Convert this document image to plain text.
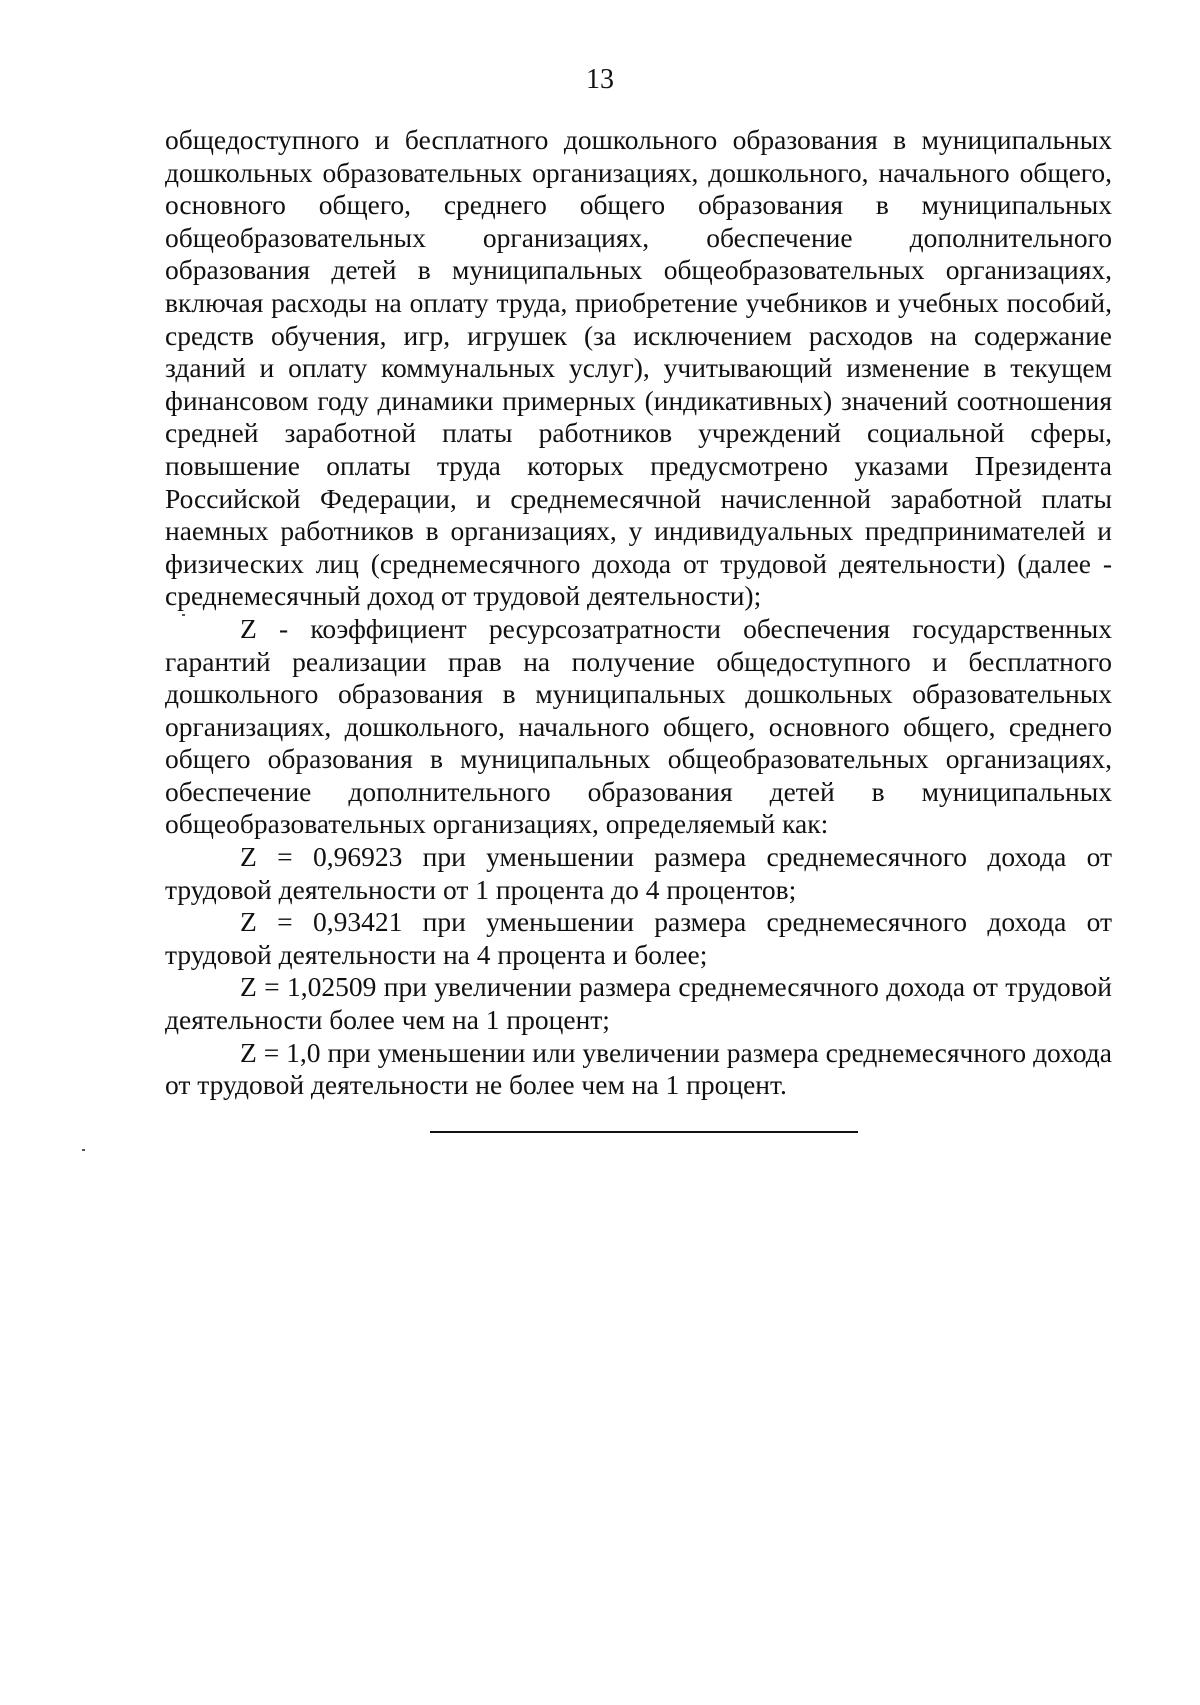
13

общедоступного и бесплатного дошкольного образования в муниципальных дошкольных образовательных организациях, дошкольного, начального общего, основного общего, среднего общего образования в муниципальных общеобразовательных организациях, обеспечение дополнительного образования детей в муниципальных общеобразовательных организациях, включая расходы на оплату труда, приобретение учебников и учебных пособий, средств обучения, игр, игрушек (за исключением расходов на содержание зданий и оплату коммунальных услуг), учитывающий изменение в текущем финансовом году динамики примерных (индикативных) значений соотношения средней заработной платы работников учреждений социальной сферы, повышение оплаты труда которых предусмотрено указами Президента Российской Федерации, и среднемесячной начисленной заработной платы наемных работников в организациях, у индивидуальных предпринимателей и физических лиц (среднемесячного дохода от трудовой деятельности) (далее - среднемесячный доход от трудовой деятельности);

Z - коэффициент ресурсозатратности обеспечения государственных гарантий реализации прав на получение общедоступного и бесплатного дошкольного образования в муниципальных дошкольных образовательных организациях, дошкольного, начального общего, основного общего, среднего общего образования в муниципальных общеобразовательных организациях, обеспечение дополнительного образования детей в муниципальных общеобразовательных организациях, определяемый как:

Z = 0,96923 при уменьшении размера среднемесячного дохода от трудовой деятельности от 1 процента до 4 процентов;

Z = 0,93421 при уменьшении размера среднемесячного дохода от трудовой деятельности на 4 процента и более;

Z = 1,02509 при увеличении размера среднемесячного дохода от трудовой деятельности более чем на 1 процент;

Z = 1,0 при уменьшении или увеличении размера среднемесячного дохода от трудовой деятельности не более чем на 1 процент.
